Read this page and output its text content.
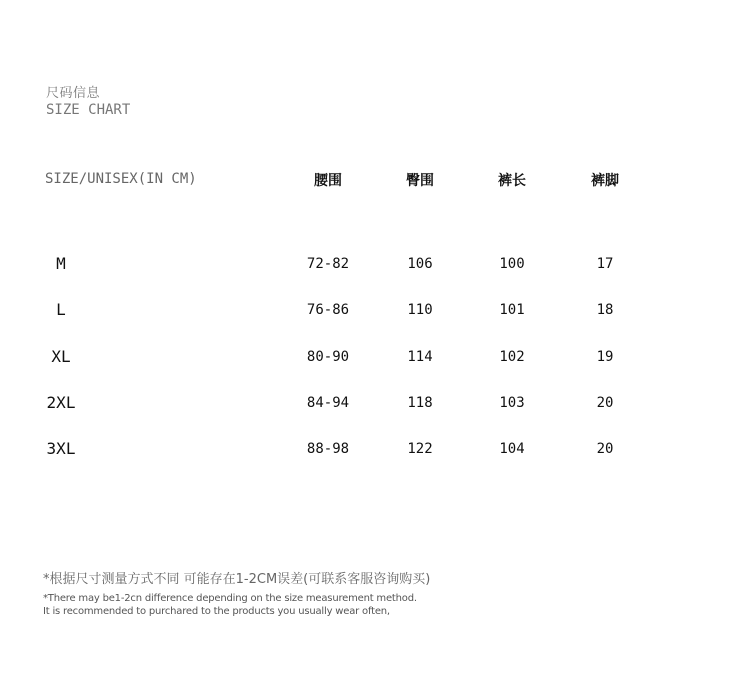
尺码信息
SIZE CHART
SIZE/UNISEX(IN CM)	腰围	臀围	裤长	裤脚
M	72-82	106	100	17
L	76-86	110	101	18
XL	80-90	114	102	19
2XL	84-94	118	103	20
3XL	88-98	122	104	20
*根据尺寸测量方式不同 可能存在1-2CM误差(可联系客服咨询购买)
*There may be1-2cn difference depending on the size measurement method.
It is recommended to purchared to the products you usually wear often,
